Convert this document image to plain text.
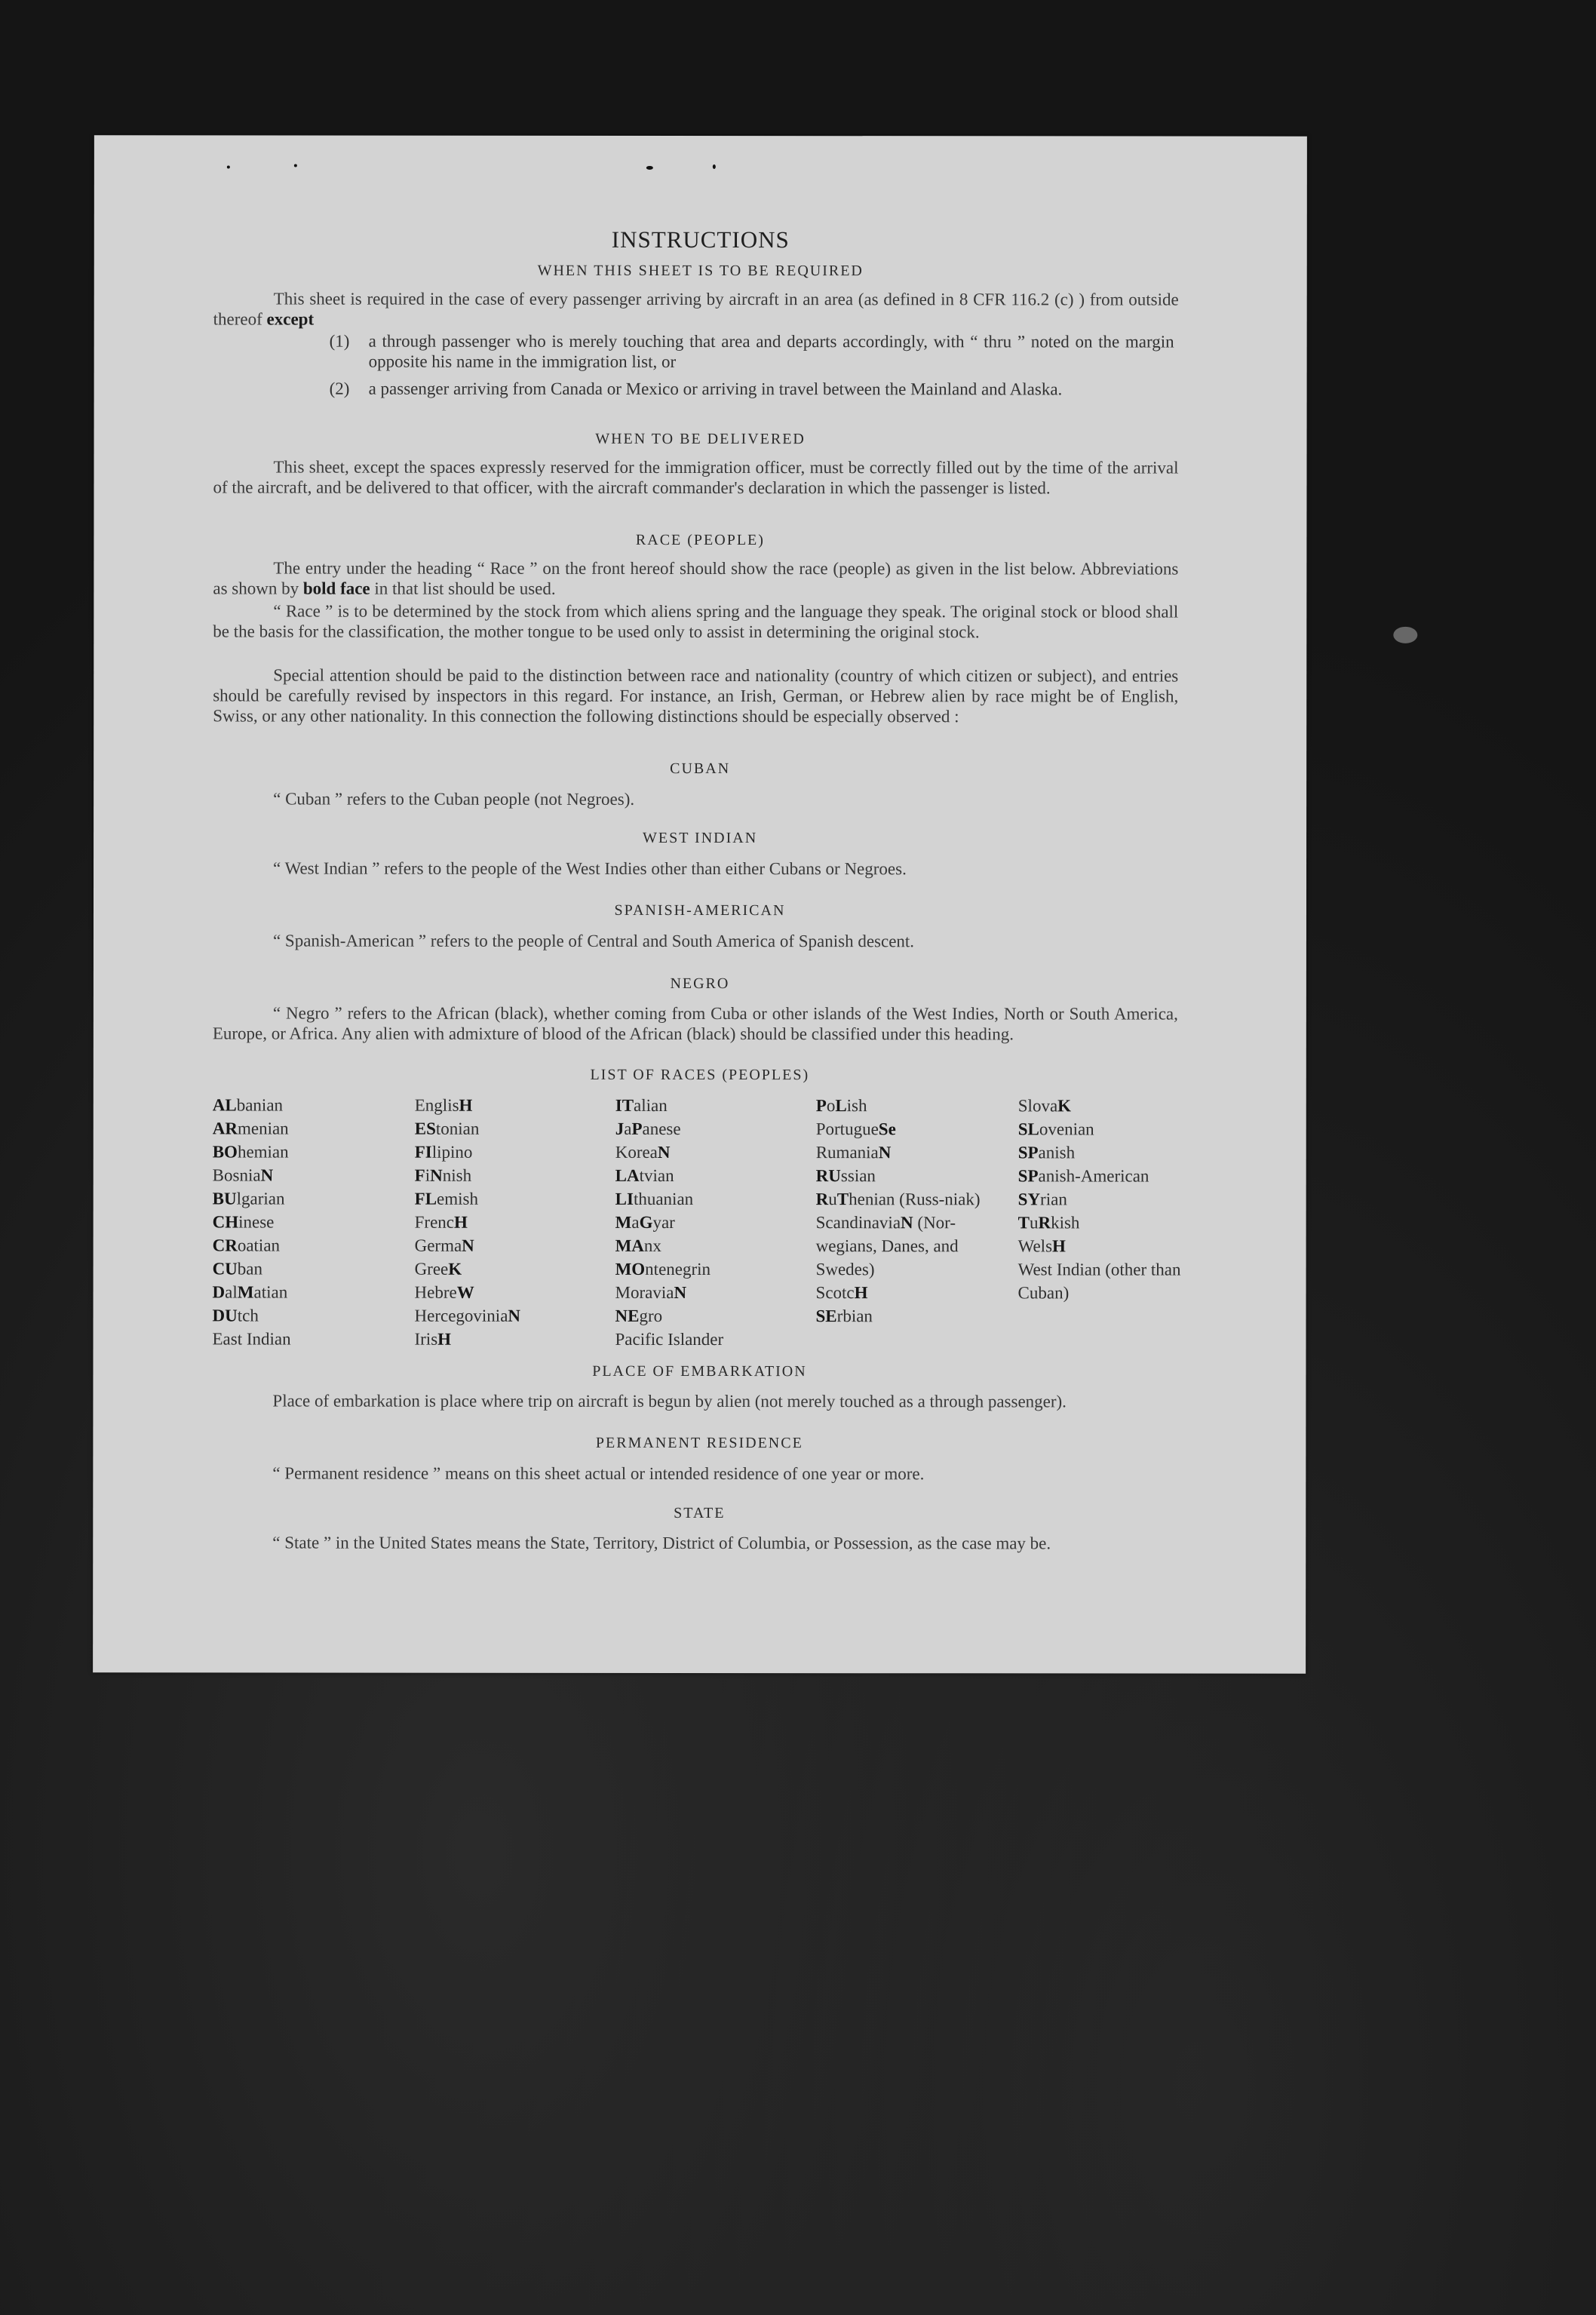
INSTRUCTIONS
WHEN THIS SHEET IS TO BE REQUIRED
This sheet is required in the case of every passenger arriving by aircraft in an area (as defined in 8 CFR 116.2 (c) ) from outside thereof except
(1) a through passenger who is merely touching that area and departs accordingly, with “ thru ” noted on the margin opposite his name in the immigration list, or
(2) a passenger arriving from Canada or Mexico or arriving in travel between the Mainland and Alaska.
WHEN TO BE DELIVERED
This sheet, except the spaces expressly reserved for the immigration officer, must be correctly filled out by the time of the arrival of the aircraft, and be delivered to that officer, with the aircraft commander's declaration in which the passenger is listed.
RACE (PEOPLE)
The entry under the heading “ Race ” on the front hereof should show the race (people) as given in the list below. Abbreviations as shown by bold face in that list should be used.
“ Race ” is to be determined by the stock from which aliens spring and the language they speak. The original stock or blood shall be the basis for the classification, the mother tongue to be used only to assist in determining the original stock.
Special attention should be paid to the distinction between race and nationality (country of which citizen or subject), and entries should be carefully revised by inspectors in this regard. For instance, an Irish, German, or Hebrew alien by race might be of English, Swiss, or any other nationality. In this connection the following distinctions should be especially observed :
CUBAN
“ Cuban ” refers to the Cuban people (not Negroes).
WEST INDIAN
“ West Indian ” refers to the people of the West Indies other than either Cubans or Negroes.
SPANISH-AMERICAN
“ Spanish-American ” refers to the people of Central and South America of Spanish descent.
NEGRO
“ Negro ” refers to the African (black), whether coming from Cuba or other islands of the West Indies, North or South America, Europe, or Africa. Any alien with admixture of blood of the African (black) should be classified under this heading.
LIST OF RACES (PEOPLES)
ALbanian
ARmenian
BOhemian
BosniaN
BUlgarian
CHinese
CRoatian
CUban
DalMatian
DUtch
East Indian
EnglisH
EStonian
FIlipino
FiNnish
FLemish
FrencH
GermaN
GreeK
HebreW
HercegoviniaN
IrisH
ITalian
JaPanese
KoreaN
LAtvian
LIthuanian
MaGyar
MAnx
MOntenegrin
MoraviaN
NEgro
Pacific Islander
PoLish
PortugueSe
RumaniaN
RUssian
RuThenian (Russ-niak)
ScandinaviaN (Nor-wegians, Danes, and Swedes)
ScotcH
SErbian
SlovaK
SLovenian
SPanish
SPanish-American
SYrian
TuRkish
WelsH
West Indian (other than Cuban)
PLACE OF EMBARKATION
Place of embarkation is place where trip on aircraft is begun by alien (not merely touched as a through passenger).
PERMANENT RESIDENCE
“ Permanent residence ” means on this sheet actual or intended residence of one year or more.
STATE
“ State ” in the United States means the State, Territory, District of Columbia, or Possession, as the case may be.
